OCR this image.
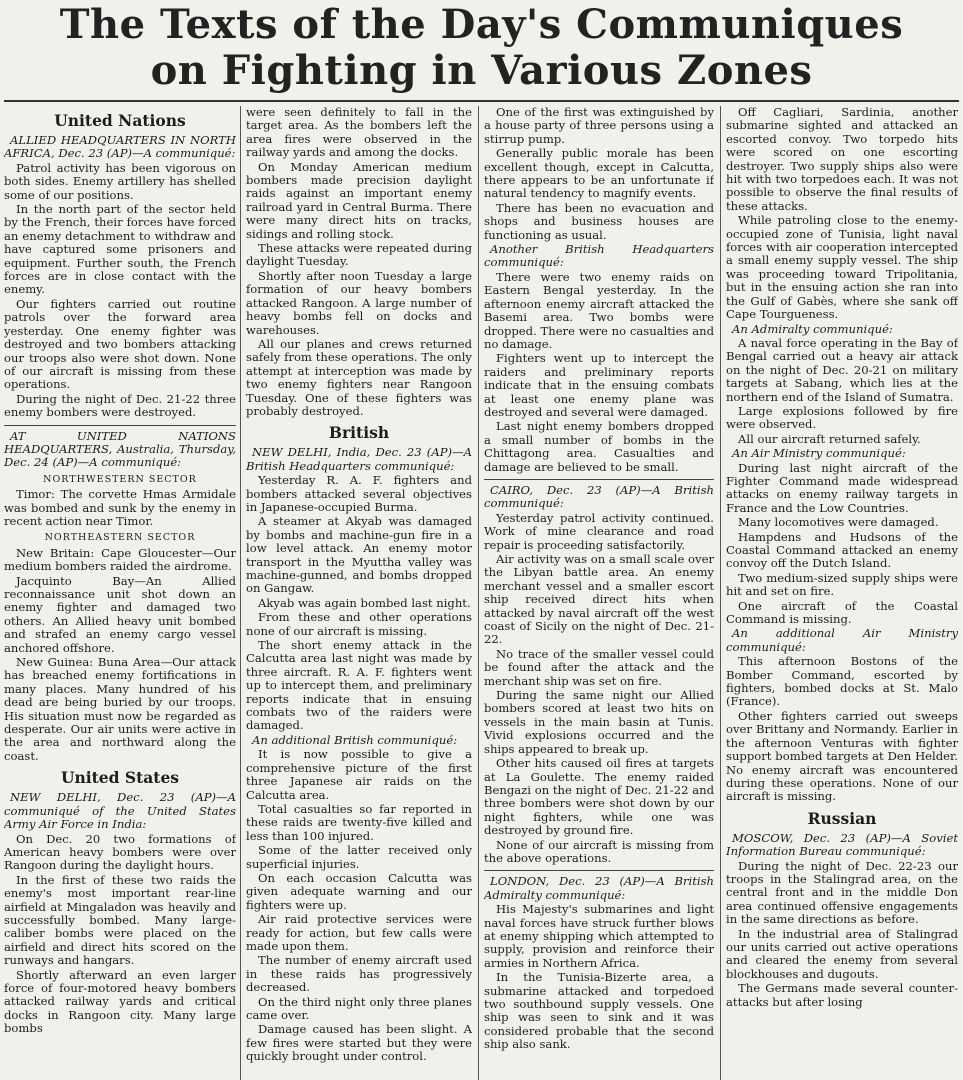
The Texts of the Day's Communiques
on Fighting in Various Zones
United Nations

ALLIED HEADQUARTERS IN NORTH AFRICA, Dec. 23 (AP)—A communiqué:

Patrol activity has been vigorous on both sides. Enemy artillery has shelled some of our positions.

In the north part of the sector held by the French, their forces have forced an enemy detachment to withdraw and have captured some prisoners and equipment. Further south, the French forces are in close contact with the enemy.

Our fighters carried out routine patrols over the forward area yesterday. One enemy fighter was destroyed and two bombers attacking our troops also were shot down. None of our aircraft is missing from these operations.

During the night of Dec. 21-22 three enemy bombers were destroyed.

AT UNITED NATIONS HEADQUARTERS, Australia, Thursday, Dec. 24 (AP)—A communiqué:

NORTHWESTERN SECTOR

Timor: The corvette Hmas Armidale was bombed and sunk by the enemy in recent action near Timor.

NORTHEASTERN SECTOR

New Britain: Cape Gloucester—Our medium bombers raided the airdrome.

Jacquinto Bay—An Allied reconnaissance unit shot down an enemy fighter and damaged two others. An Allied heavy unit bombed and strafed an enemy cargo vessel anchored offshore.

New Guinea: Buna Area—Our attack has breached enemy fortifications in many places. Many hundred of his dead are being buried by our troops. His situation must now be regarded as desperate. Our air units were active in the area and northward along the coast.

United States

NEW DELHI, Dec. 23 (AP)—A communiqué of the United States Army Air Force in India:

On Dec. 20 two formations of American heavy bombers were over Rangoon during the daylight hours.

In the first of these two raids the enemy's most important rear-line airfield at Mingaladon was heavily and successfully bombed. Many large-caliber bombs were placed on the airfield and direct hits scored on the runways and hangars.

Shortly afterward an even larger force of four-motored heavy bombers attacked railway yards and critical docks in Rangoon city. Many large bombs

were seen definitely to fall in the target area. As the bombers left the area fires were observed in the railway yards and among the docks.

On Monday American medium bombers made precision daylight raids against an important enemy railroad yard in Central Burma. There were many direct hits on tracks, sidings and rolling stock.

These attacks were repeated during daylight Tuesday.

Shortly after noon Tuesday a large formation of our heavy bombers attacked Rangoon. A large number of heavy bombs fell on docks and warehouses.

All our planes and crews returned safely from these operations. The only attempt at interception was made by two enemy fighters near Rangoon Tuesday. One of these fighters was probably destroyed.

British

NEW DELHI, India, Dec. 23 (AP)—A British Headquarters communiqué:

Yesterday R. A. F. fighters and bombers attacked several objectives in Japanese-occupied Burma.

A steamer at Akyab was damaged by bombs and machine-gun fire in a low level attack. An enemy motor transport in the Myuttha valley was machine-gunned, and bombs dropped on Gangaw.

Akyab was again bombed last night.

From these and other operations none of our aircraft is missing.

The short enemy attack in the Calcutta area last night was made by three aircraft. R. A. F. fighters went up to intercept them, and preliminary reports indicate that in ensuing combats two of the raiders were damaged.

An additional British communiqué:

It is now possible to give a comprehensive picture of the first three Japanese air raids on the Calcutta area.

Total casualties so far reported in these raids are twenty-five killed and less than 100 injured.

Some of the latter received only superficial injuries.

On each occasion Calcutta was given adequate warning and our fighters were up.

Air raid protective services were ready for action, but few calls were made upon them.

The number of enemy aircraft used in these raids has progressively decreased.

On the third night only three planes came over.

Damage caused has been slight. A few fires were started but they were quickly brought under control.

One of the first was extinguished by a house party of three persons using a stirrup pump.

Generally public morale has been excellent though, except in Calcutta, there appears to be an unfortunate if natural tendency to magnify events.

There has been no evacuation and shops and business houses are functioning as usual.

Another British Headquarters communiqué:

There were two enemy raids on Eastern Bengal yesterday. In the afternoon enemy aircraft attacked the Basemi area. Two bombs were dropped. There were no casualties and no damage.

Fighters went up to intercept the raiders and preliminary reports indicate that in the ensuing combats at least one enemy plane was destroyed and several were damaged.

Last night enemy bombers dropped a small number of bombs in the Chittagong area. Casualties and damage are believed to be small.

CAIRO, Dec. 23 (AP)—A British communiqué:

Yesterday patrol activity continued. Work of mine clearance and road repair is proceeding satisfactorily.

Air activity was on a small scale over the Libyan battle area. An enemy merchant vessel and a smaller escort ship received direct hits when attacked by naval aircraft off the west coast of Sicily on the night of Dec. 21-22.

No trace of the smaller vessel could be found after the attack and the merchant ship was set on fire.

During the same night our Allied bombers scored at least two hits on vessels in the main basin at Tunis. Vivid explosions occurred and the ships appeared to break up.

Other hits caused oil fires at targets at La Goulette. The enemy raided Bengazi on the night of Dec. 21-22 and three bombers were shot down by our night fighters, while one was destroyed by ground fire.

None of our aircraft is missing from the above operations.

LONDON, Dec. 23 (AP)—A British Admiralty communiqué:

His Majesty's submarines and light naval forces have struck further blows at enemy shipping which attempted to supply, provision and reinforce their armies in Northern Africa.

In the Tunisia-Bizerte area, a submarine attacked and torpedoed two southbound supply vessels. One ship was seen to sink and it was considered probable that the second ship also sank.

Off Cagliari, Sardinia, another submarine sighted and attacked an escorted convoy. Two torpedo hits were scored on one escorting destroyer. Two supply ships also were hit with two torpedoes each. It was not possible to observe the final results of these attacks.

While patroling close to the enemy-occupied zone of Tunisia, light naval forces with air cooperation intercepted a small enemy supply vessel. The ship was proceeding toward Tripolitania, but in the ensuing action she ran into the Gulf of Gabès, where she sank off Cape Tourgueness.

An Admiralty communiqué:

A naval force operating in the Bay of Bengal carried out a heavy air attack on the night of Dec. 20-21 on military targets at Sabang, which lies at the northern end of the Island of Sumatra.

Large explosions followed by fire were observed.

All our aircraft returned safely.

An Air Ministry communiqué:

During last night aircraft of the Fighter Command made widespread attacks on enemy railway targets in France and the Low Countries.

Many locomotives were damaged.

Hampdens and Hudsons of the Coastal Command attacked an enemy convoy off the Dutch Island.

Two medium-sized supply ships were hit and set on fire.

One aircraft of the Coastal Command is missing.

An additional Air Ministry communiqué:

This afternoon Bostons of the Bomber Command, escorted by fighters, bombed docks at St. Malo (France).

Other fighters carried out sweeps over Brittany and Normandy. Earlier in the afternoon Venturas with fighter support bombed targets at Den Helder. No enemy aircraft was encountered during these operations. None of our aircraft is missing.

Russian

MOSCOW, Dec. 23 (AP)—A Soviet Information Bureau communiqué:

During the night of Dec. 22-23 our troops in the Stalingrad area, on the central front and in the middle Don area continued offensive engagements in the same directions as before.

In the industrial area of Stalingrad our units carried out active operations and cleared the enemy from several blockhouses and dugouts.

The Germans made several counter-attacks but after losing
